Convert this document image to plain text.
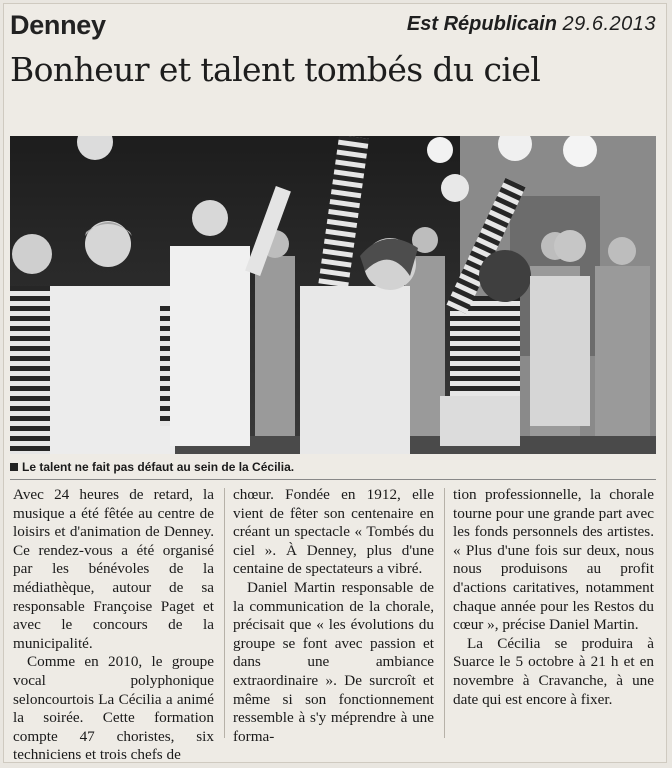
Denney	Est Républicain 29.6.2013
Bonheur et talent tombés du ciel
Le talent ne fait pas défaut au sein de la Cécilia.

Avec 24 heures de retard, la musique a été fêtée au centre de loisirs et d'animation de Denney. Ce rendez-vous a été organisé par les bénévoles de la médiathèque, autour de sa responsable Françoise Paget et avec le concours de la municipalité.

Comme en 2010, le groupe vocal polyphonique seloncourtois La Cécilia a animé la soirée. Cette formation compte 47 choristes, six techniciens et trois chefs de

chœur. Fondée en 1912, elle vient de fêter son centenaire en créant un spectacle « Tombés du ciel ». À Denney, plus d'une centaine de spectateurs a vibré.

Daniel Martin responsable de la communication de la chorale, précisait que « les évolutions du groupe se font avec passion et dans une ambiance extraordinaire ». De surcroît et même si son fonctionnement ressemble à s'y méprendre à une forma-

tion professionnelle, la chorale tourne pour une grande part avec les fonds personnels des artistes. « Plus d'une fois sur deux, nous nous produisons au profit d'actions caritatives, notamment chaque année pour les Restos du cœur », précise Daniel Martin.

La Cécilia se produira à Suarce le 5 octobre à 21 h et en novembre à Cravanche, à une date qui est encore à fixer.
